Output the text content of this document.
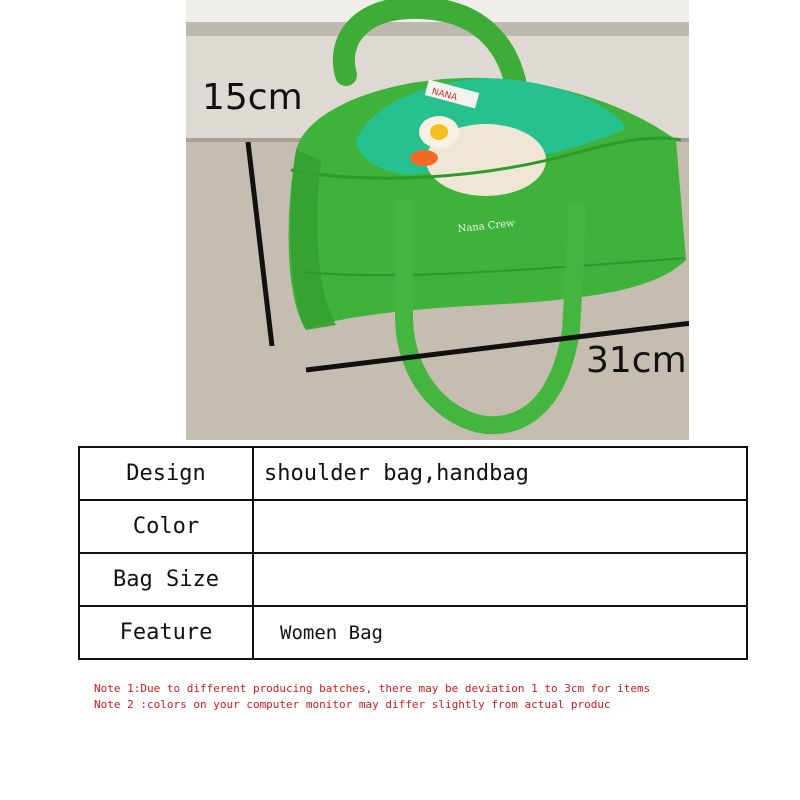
NANA
Nana Crew
15cm
31cm
Design	shoulder bag,handbag
Color	
Bag Size	
Feature	Women Bag
Note 1:Due to different producing batches, there may be deviation 1 to 3cm for items
Note 2 :colors on your computer monitor may differ slightly from actual produc
